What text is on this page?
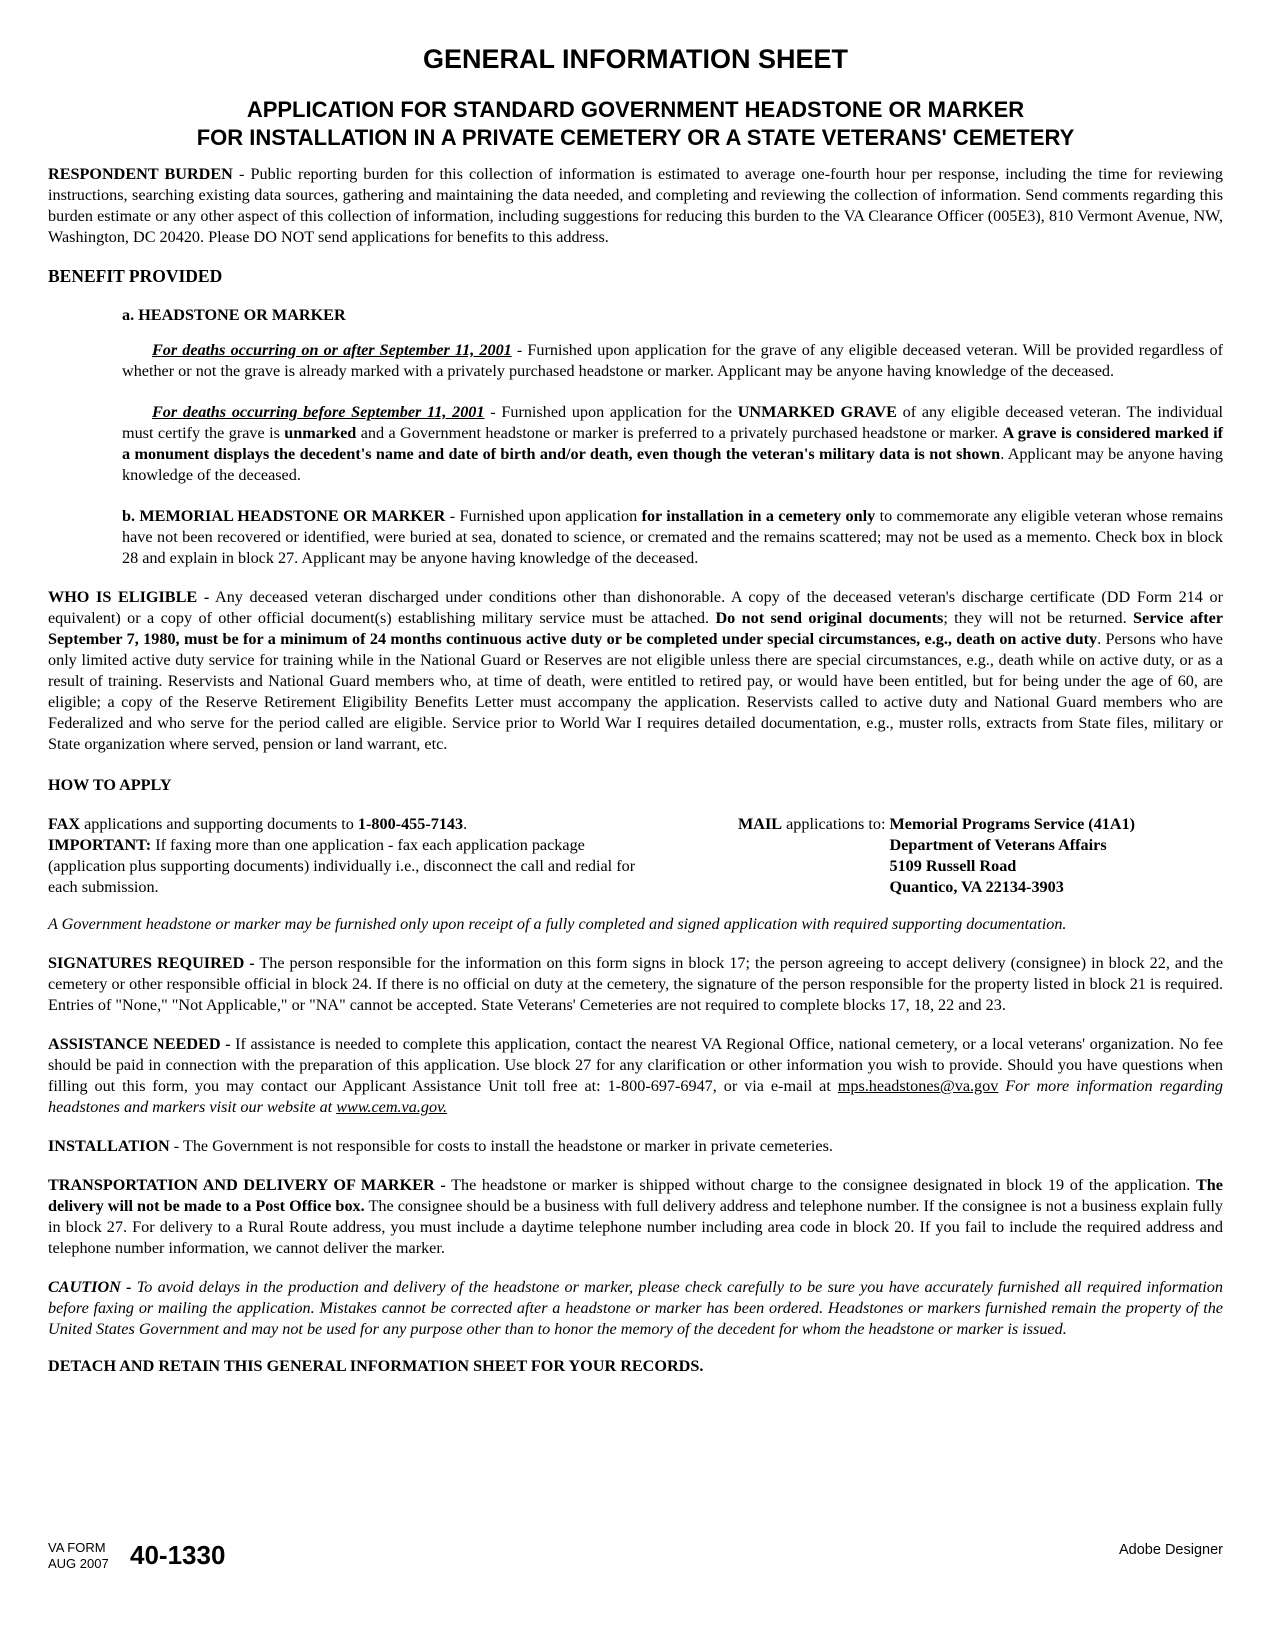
GENERAL INFORMATION SHEET
APPLICATION FOR STANDARD GOVERNMENT HEADSTONE OR MARKER
FOR INSTALLATION IN A PRIVATE CEMETERY OR A STATE VETERANS' CEMETERY

RESPONDENT BURDEN - Public reporting burden for this collection of information is estimated to average one-fourth hour per response, including the time for reviewing instructions, searching existing data sources, gathering and maintaining the data needed, and completing and reviewing the collection of information. Send comments regarding this burden estimate or any other aspect of this collection of information, including suggestions for reducing this burden to the VA Clearance Officer (005E3), 810 Vermont Avenue, NW, Washington, DC 20420. Please DO NOT send applications for benefits to this address.

BENEFIT PROVIDED
a. HEADSTONE OR MARKER

For deaths occurring on or after September 11, 2001 - Furnished upon application for the grave of any eligible deceased veteran. Will be provided regardless of whether or not the grave is already marked with a privately purchased headstone or marker. Applicant may be anyone having knowledge of the deceased.

For deaths occurring before September 11, 2001 - Furnished upon application for the UNMARKED GRAVE of any eligible deceased veteran. The individual must certify the grave is unmarked and a Government headstone or marker is preferred to a privately purchased headstone or marker. A grave is considered marked if a monument displays the decedent's name and date of birth and/or death, even though the veteran's military data is not shown. Applicant may be anyone having knowledge of the deceased.

b. MEMORIAL HEADSTONE OR MARKER - Furnished upon application for installation in a cemetery only to commemorate any eligible veteran whose remains have not been recovered or identified, were buried at sea, donated to science, or cremated and the remains scattered; may not be used as a memento. Check box in block 28 and explain in block 27. Applicant may be anyone having knowledge of the deceased.

WHO IS ELIGIBLE - Any deceased veteran discharged under conditions other than dishonorable. A copy of the deceased veteran's discharge certificate (DD Form 214 or equivalent) or a copy of other official document(s) establishing military service must be attached. Do not send original documents; they will not be returned. Service after September 7, 1980, must be for a minimum of 24 months continuous active duty or be completed under special circumstances, e.g., death on active duty. Persons who have only limited active duty service for training while in the National Guard or Reserves are not eligible unless there are special circumstances, e.g., death while on active duty, or as a result of training. Reservists and National Guard members who, at time of death, were entitled to retired pay, or would have been entitled, but for being under the age of 60, are eligible; a copy of the Reserve Retirement Eligibility Benefits Letter must accompany the application. Reservists called to active duty and National Guard members who are Federalized and who serve for the period called are eligible. Service prior to World War I requires detailed documentation, e.g., muster rolls, extracts from State files, military or State organization where served, pension or land warrant, etc.

HOW TO APPLY
FAX applications and supporting documents to 1-800-455-7143.
IMPORTANT: If faxing more than one application - fax each application package (application plus supporting documents) individually i.e., disconnect the call and redial for each submission.
MAIL applications to: Memorial Programs Service (41A1)
Department of Veterans Affairs
5109 Russell Road
Quantico, VA 22134-3903

A Government headstone or marker may be furnished only upon receipt of a fully completed and signed application with required supporting documentation.

SIGNATURES REQUIRED - The person responsible for the information on this form signs in block 17; the person agreeing to accept delivery (consignee) in block 22, and the cemetery or other responsible official in block 24. If there is no official on duty at the cemetery, the signature of the person responsible for the property listed in block 21 is required. Entries of "None," "Not Applicable," or "NA" cannot be accepted. State Veterans' Cemeteries are not required to complete blocks 17, 18, 22 and 23.

ASSISTANCE NEEDED - If assistance is needed to complete this application, contact the nearest VA Regional Office, national cemetery, or a local veterans' organization. No fee should be paid in connection with the preparation of this application. Use block 27 for any clarification or other information you wish to provide. Should you have questions when filling out this form, you may contact our Applicant Assistance Unit toll free at: 1-800-697-6947, or via e-mail at mps.headstones@va.gov For more information regarding headstones and markers visit our website at www.cem.va.gov.

INSTALLATION - The Government is not responsible for costs to install the headstone or marker in private cemeteries.

TRANSPORTATION AND DELIVERY OF MARKER - The headstone or marker is shipped without charge to the consignee designated in block 19 of the application. The delivery will not be made to a Post Office box. The consignee should be a business with full delivery address and telephone number. If the consignee is not a business explain fully in block 27. For delivery to a Rural Route address, you must include a daytime telephone number including area code in block 20. If you fail to include the required address and telephone number information, we cannot deliver the marker.

CAUTION - To avoid delays in the production and delivery of the headstone or marker, please check carefully to be sure you have accurately furnished all required information before faxing or mailing the application. Mistakes cannot be corrected after a headstone or marker has been ordered. Headstones or markers furnished remain the property of the United States Government and may not be used for any purpose other than to honor the memory of the decedent for whom the headstone or marker is issued.

DETACH AND RETAIN THIS GENERAL INFORMATION SHEET FOR YOUR RECORDS.
VA FORM
AUG 2007 40-1330	Adobe Designer
